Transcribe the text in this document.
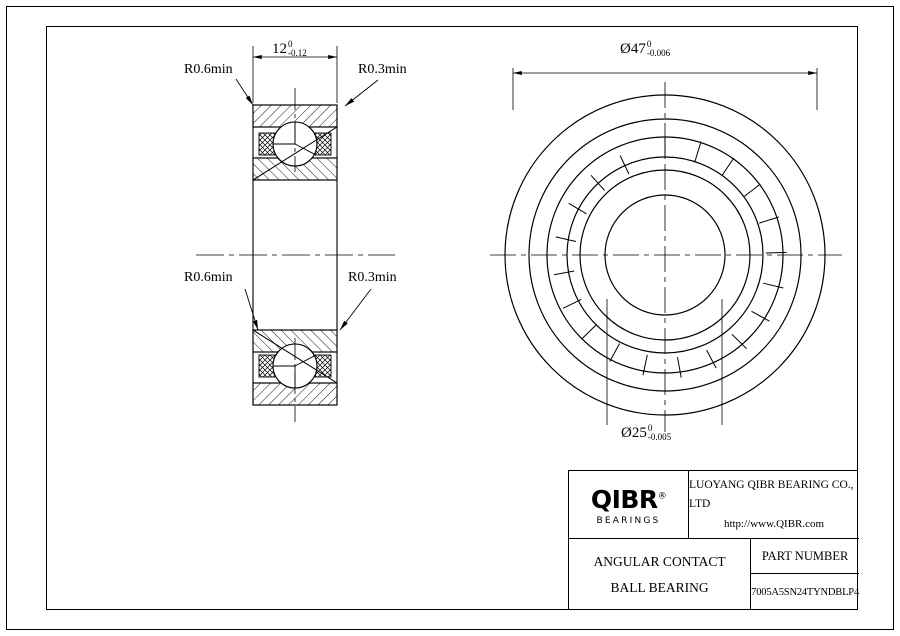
12 0
-0.12
R0.6min	R0.3min
R0.6min	R0.3min
Ø47 0
-0.006
Ø25 0
-0.005
QIBR®
BEARINGS
LUOYANG QIBR BEARING CO., LTD
http://www.QIBR.com
ANGULAR CONTACT
BALL BEARING
PART NUMBER
7005A5SN24TYNDBLP4
